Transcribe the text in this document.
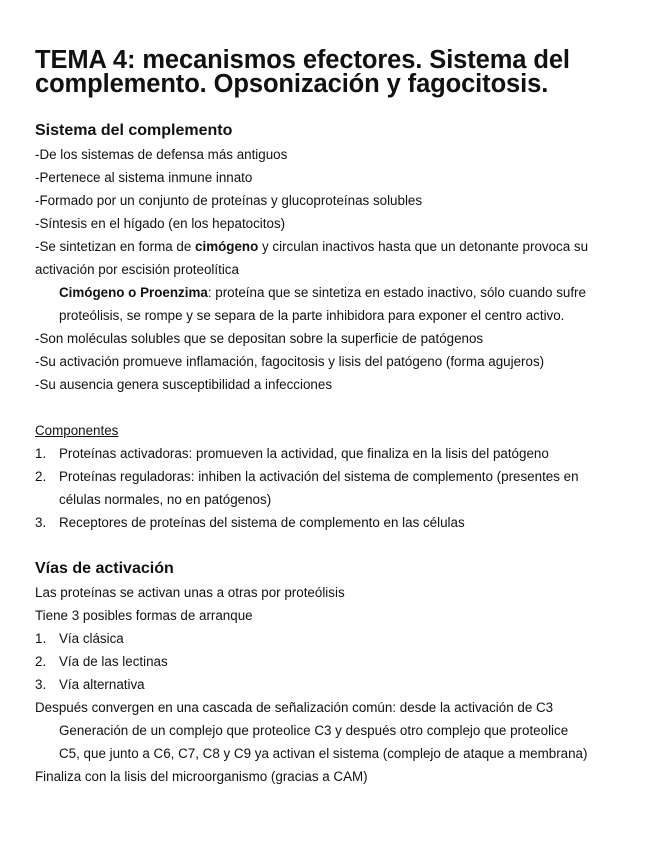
TEMA 4: mecanismos efectores. Sistema del
complemento. Opsonización y fagocitosis.
Sistema del complemento

-De los sistemas de defensa más antiguos

-Pertenece al sistema inmune innato

-Formado por un conjunto de proteínas y glucoproteínas solubles

-Síntesis en el hígado (en los hepatocitos)

-Se sintetizan en forma de cimógeno y circulan inactivos hasta que un detonante provoca su

activación por escisión proteolítica

Cimógeno o Proenzima: proteína que se sintetiza en estado inactivo, sólo cuando sufre

proteólisis, se rompe y se separa de la parte inhibidora para exponer el centro activo.

-Son moléculas solubles que se depositan sobre la superficie de patógenos

-Su activación promueve inflamación, fagocitosis y lisis del patógeno (forma agujeros)

-Su ausencia genera susceptibilidad a infecciones

Componentes

1. Proteínas activadoras: promueven la actividad, que finaliza en la lisis del patógeno

2. Proteínas reguladoras: inhiben la activación del sistema de complemento (presentes en

células normales, no en patógenos)

3. Receptores de proteínas del sistema de complemento en las células

Vías de activación

Las proteínas se activan unas a otras por proteólisis

Tiene 3 posibles formas de arranque

1. Vía clásica

2. Vía de las lectinas

3. Vía alternativa

Después convergen en una cascada de señalización común: desde la activación de C3

Generación de un complejo que proteolice C3 y después otro complejo que proteolice

C5, que junto a C6, C7, C8 y C9 ya activan el sistema (complejo de ataque a membrana)

Finaliza con la lisis del microorganismo (gracias a CAM)
